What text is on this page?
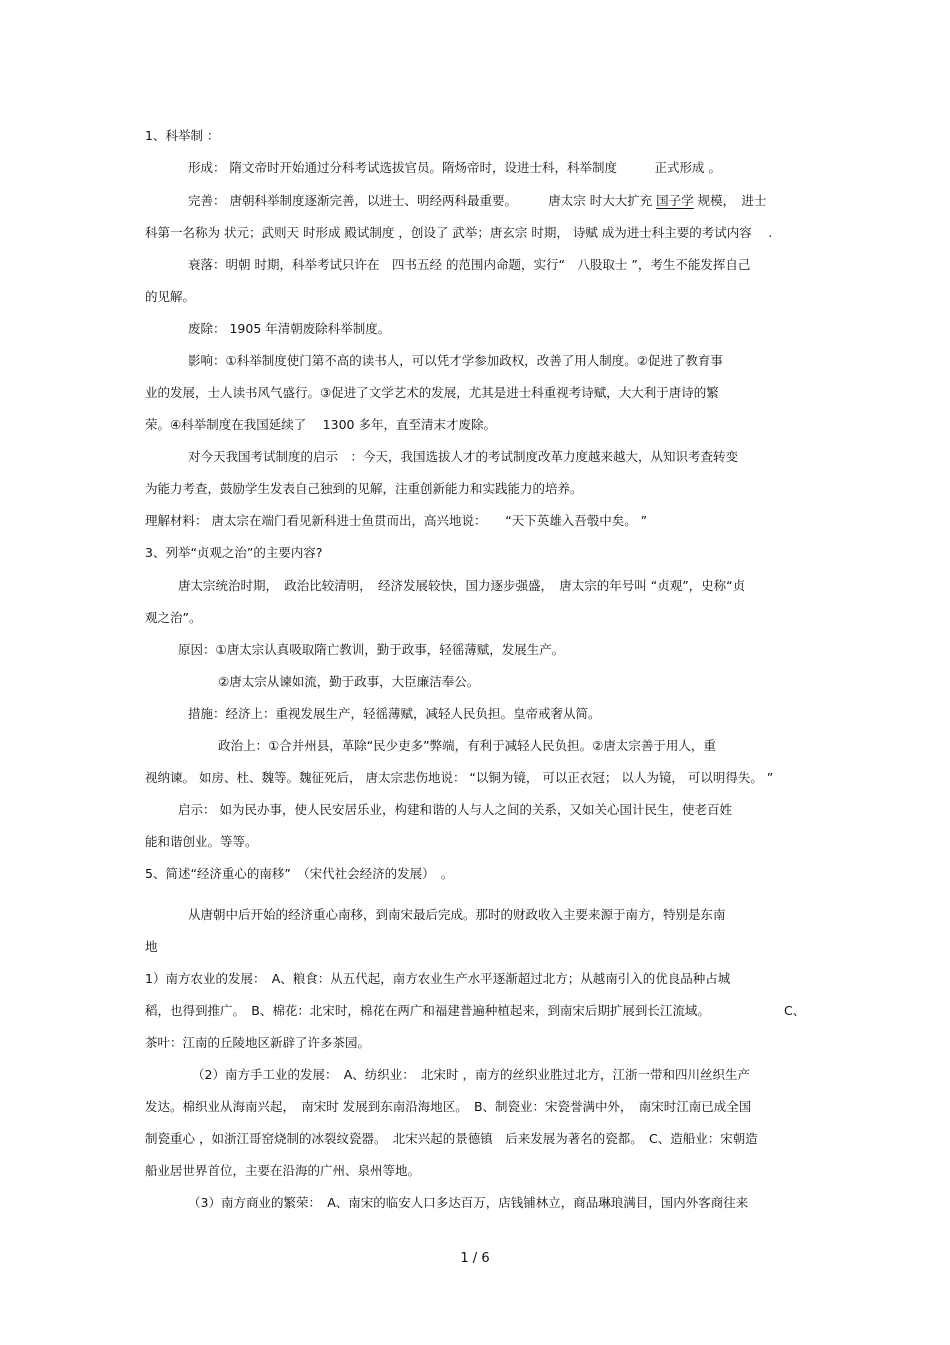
1、科举制 ：

形成： 隋文帝时开始通过分科考试选拔官员。隋炀帝时，设进士科，科举制度　　　正式形成 。

完善： 唐朝科举制度逐渐完善，以进士、明经两科最重要。　　　唐太宗 时大大扩充 国子学 规模，　进士

科第一名称为 状元；武则天 时形成 殿试制度 ，创设了 武举；唐玄宗 时期， 诗赋 成为进士科主要的考试内容　 .

衰落：明朝 时期，科举考试只许在　四书五经 的范围内命题，实行“　八股取士 ”，考生不能发挥自己

的见解。

废除： 1905 年清朝废除科举制度。

影响：①科举制度使门第不高的读书人，可以凭才学参加政权，改善了用人制度。②促进了教育事

业的发展，士人读书风气盛行。③促进了文学艺术的发展，尤其是进士科重视考诗赋，大大利于唐诗的繁

荣。④科举制度在我国延续了　 1300 多年，直至清末才废除。

对今天我国考试制度的启示　：今天，我国选拔人才的考试制度改革力度越来越大，从知识考查转变

为能力考查，鼓励学生发表自己独到的见解，注重创新能力和实践能力的培养。

理解材料： 唐太宗在端门看见新科进士鱼贯而出，高兴地说：　　“天下英雄入吾彀中矣。 ”

3、列举“贞观之治”的主要内容?

唐太宗统治时期，　政治比较清明，　经济发展较快，国力逐步强盛，　唐太宗的年号叫 “贞观”，史称“贞

观之治”。

原因：①唐太宗认真吸取隋亡教训，勤于政事，轻徭薄赋，发展生产。

②唐太宗从谏如流，勤于政事，大臣廉洁奉公。

措施：经济上：重视发展生产，轻徭薄赋，减轻人民负担。皇帝戒奢从简。

政治上：①合并州县，革除“民少吏多”弊端，有利于减轻人民负担。②唐太宗善于用人，重

视纳谏。 如房、杜、魏等。魏征死后， 唐太宗悲伤地说： “以铜为镜， 可以正衣冠； 以人为镜， 可以明得失。 ”

启示： 如为民办事，使人民安居乐业，构建和谐的人与人之间的关系，又如关心国计民生，使老百姓

能和谐创业。等等。

5、简述“经济重心的南移”　（宋代社会经济的发展）　。

从唐朝中后开始的经济重心南移，到南宋最后完成。那时的财政收入主要来源于南方，特别是东南

地

1）南方农业的发展：　A、粮食：从五代起，南方农业生产水平逐渐超过北方；从越南引入的优良品种占城

稻，也得到推广。　B、棉花：北宋时，棉花在两广和福建普遍种植起来，到南宋后期扩展到长江流域。	C、

茶叶：江南的丘陵地区新辟了许多茶园。

（2）南方手工业的发展：　A、纺织业：　北宋时 ，南方的丝织业胜过北方，江浙一带和四川丝织生产

发达。棉织业从海南兴起，　南宋时 发展到东南沿海地区。　B、制瓷业：宋瓷誉满中外，　南宋时江南已成全国

制瓷重心 ，如浙江哥窑烧制的冰裂纹瓷器。　北宋兴起的景德镇　后来发展为著名的瓷都。　C、造船业：宋朝造

船业居世界首位，主要在沿海的广州、泉州等地。

（3）南方商业的繁荣：　A、南宋的临安人口多达百万，店钱铺林立，商品琳琅满目，国内外客商往来

1 / 6
